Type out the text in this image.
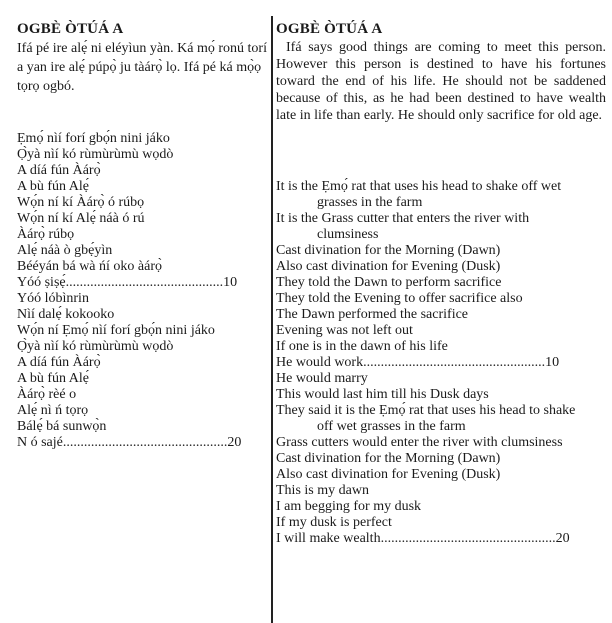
OGBÈ ÒTÚÁ A
Ifá pé ire alẹ́ ni eléyìun yàn. Ká mọ́ ronú torí a yan ire alẹ́ púpọ̀ ju tàárọ̀ lọ. Ifá pé ká mọ̀ọ tọrọ ogbó.
Ẹmọ́ nìí forí gbọ́n nini jáko
Ọ̀yà nìí kó rùmùrùmù wọdò
A díá fún Àárọ̀
A bù fún Alẹ́
Wọ́n ní kí Àárọ̀ ó rúbọ
Wọ́n ní kí Alẹ́ náà ó rú
Àárọ̀ rúbọ
Alẹ́ náà ò gbẹ́yìn
Bééyán bá wà ńí oko àárọ̀
Yóó ṣiṣẹ́.............................................10
Yóó lóbìnrin
Nìí dalẹ́ kokooko
Wọ́n ní Ẹmọ́ nìí forí gbọ́n nini jáko
Ọ̀yà nìí kó rùmùrùmù wọdò
A díá fún Àárọ̀
A bù fún Alẹ́
Àárọ̀ rèé o
Alẹ́ nì ń tọrọ
Bálẹ́ bá sunwọ̀n
N ó sajé...............................................20
OGBÈ ÒTÚÁ A
Ifá says good things are coming to meet this person. However this person is destined to have his fortunes toward the end of his life. He should not be saddened because of this, as he had been destined to have wealth late in life than early. He should only sacrifice for old age.
It is the Ẹmọ́ rat that uses his head to shake off wet
grasses in the farm
It is the Grass cutter that enters the river with
clumsiness
Cast divination for the Morning (Dawn)
Also cast divination for Evening (Dusk)
They told the Dawn to perform sacrifice
They told the Evening to offer sacrifice also
The Dawn performed the sacrifice
Evening was not left out
If one is in the dawn of his life
He would work....................................................10
He would marry
This would last him till his Dusk days
They said it is the Ẹmọ́ rat that uses his head to shake
off wet grasses in the farm
Grass cutters would enter the river with clumsiness
Cast divination for the Morning (Dawn)
Also cast divination for Evening (Dusk)
This is my dawn
I am begging for my dusk
If my dusk is perfect
I will make wealth..................................................20
